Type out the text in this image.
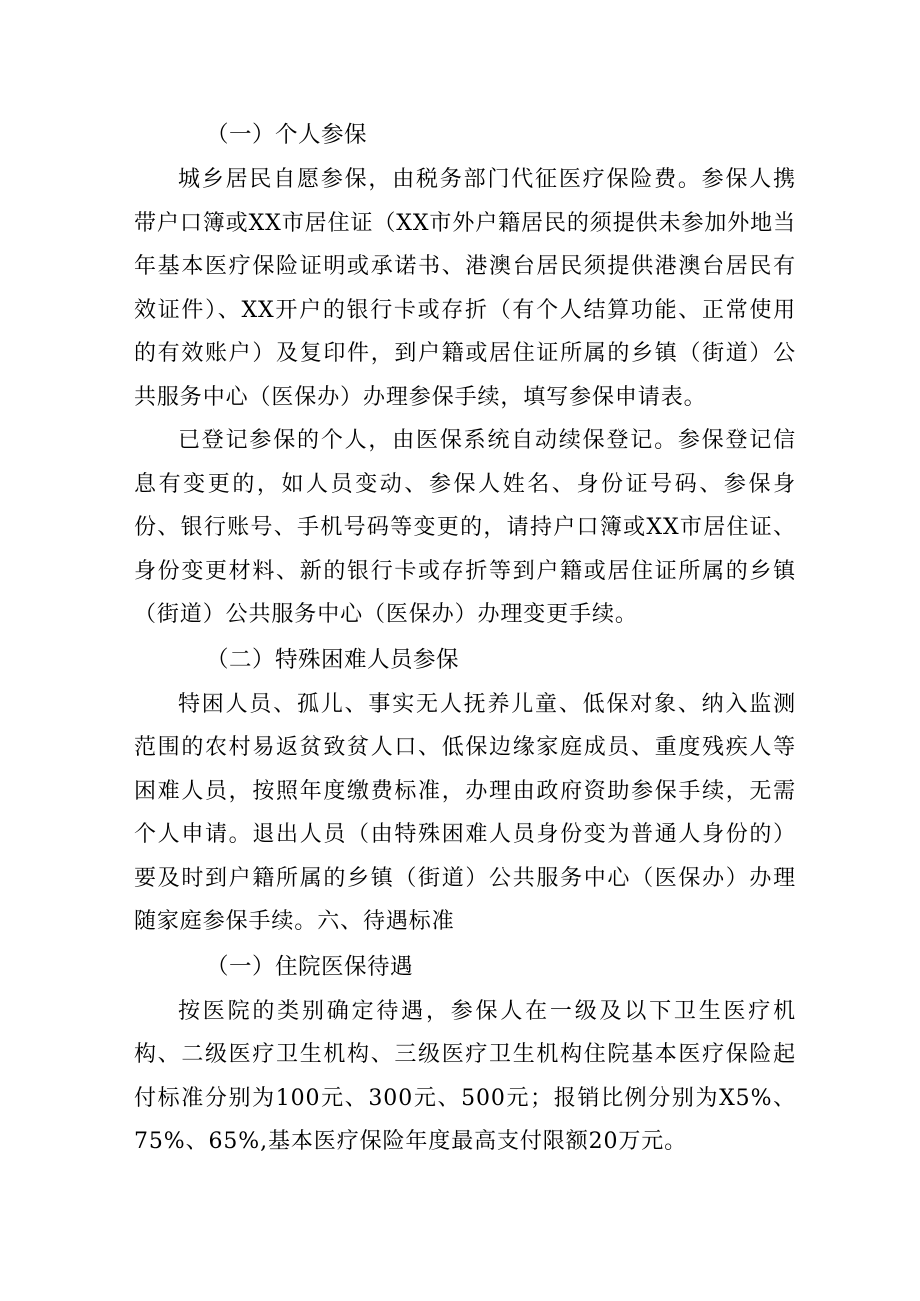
（一）个人参保

城乡居民自愿参保，由税务部门代征医疗保险费。参保人携带户口簿或XX市居住证（XX市外户籍居民的须提供未参加外地当年基本医疗保险证明或承诺书、港澳台居民须提供港澳台居民有效证件）、XX开户的银行卡或存折（有个人结算功能、正常使用的有效账户）及复印件，到户籍或居住证所属的乡镇（街道）公共服务中心（医保办）办理参保手续，填写参保申请表。

已登记参保的个人，由医保系统自动续保登记。参保登记信息有变更的，如人员变动、参保人姓名、身份证号码、参保身份、银行账号、手机号码等变更的，请持户口簿或XX市居住证、身份变更材料、新的银行卡或存折等到户籍或居住证所属的乡镇（街道）公共服务中心（医保办）办理变更手续。

（二）特殊困难人员参保

特困人员、孤儿、事实无人抚养儿童、低保对象、纳入监测范围的农村易返贫致贫人口、低保边缘家庭成员、重度残疾人等困难人员，按照年度缴费标准，办理由政府资助参保手续，无需个人申请。退出人员（由特殊困难人员身份变为普通人身份的）要及时到户籍所属的乡镇（街道）公共服务中心（医保办）办理随家庭参保手续。六、待遇标准

（一）住院医保待遇

按医院的类别确定待遇，参保人在一级及以下卫生医疗机构、二级医疗卫生机构、三级医疗卫生机构住院基本医疗保险起付标准分别为100元、300元、500元；报销比例分别为X5%、75%、65%,基本医疗保险年度最高支付限额20万元。
